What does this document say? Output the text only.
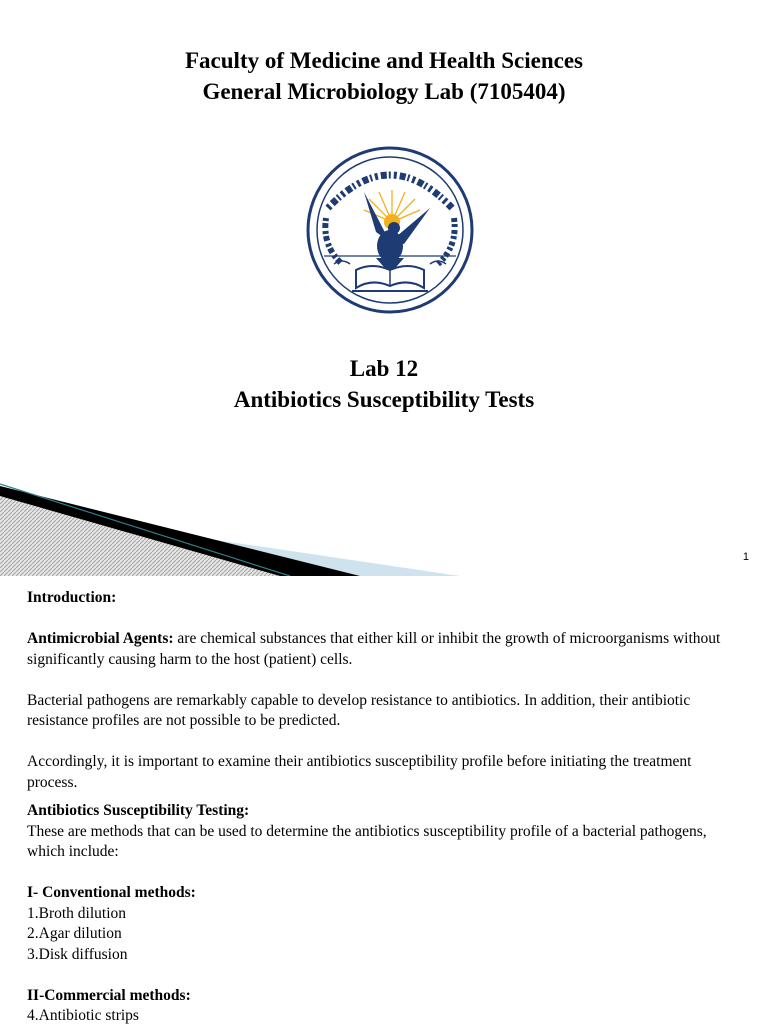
Faculty of Medicine and Health Sciences
General Microbiology Lab (7105404)
Lab 12
Antibiotics Susceptibility Tests
1

Introduction:

Antimicrobial Agents: are chemical substances that either kill or inhibit the growth of microorganisms without significantly causing harm to the host (patient) cells.

Bacterial pathogens are remarkably capable to develop resistance to antibiotics. In addition, their antibiotic resistance profiles are not possible to be predicted.

Accordingly, it is important to examine their antibiotics susceptibility profile before initiating the treatment process.

Antibiotics Susceptibility Testing:

These are methods that can be used to determine the antibiotics susceptibility profile of a bacterial pathogens, which include:

I- Conventional methods:

1.Broth dilution

2.Agar dilution

3.Disk diffusion

II-Commercial methods:

4.Antibiotic strips
